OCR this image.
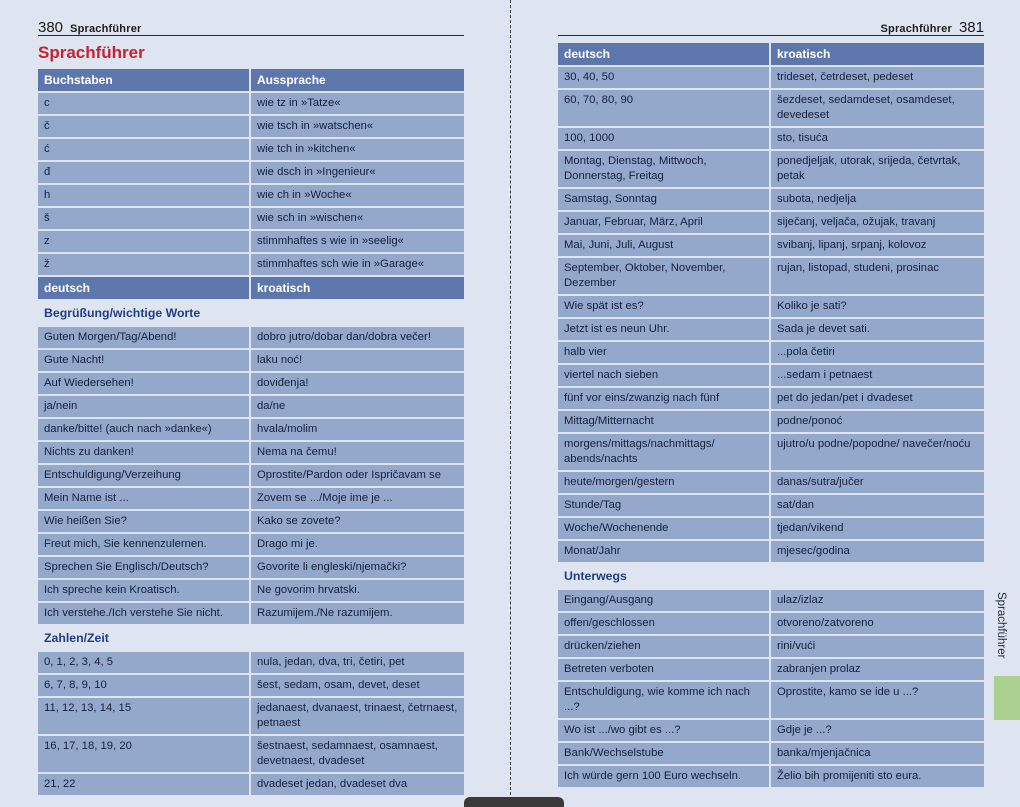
380 Sprachführer
Sprachführer
Buchstaben	Aussprache
c	wie tz in »Tatze«
č	wie tsch in »watschen«
ć	wie tch in »kitchen«
đ	wie dsch in »Ingenieur«
h	wie ch in »Woche«
š	wie sch in »wischen«
z	stimmhaftes s wie in »seelig«
ž	stimmhaftes sch wie in »Garage«
deutsch	kroatisch
Begrüßung/wichtige Worte	
Guten Morgen/Tag/Abend!	dobro jutro/dobar dan/dobra večer!
Gute Nacht!	laku noć!
Auf Wiedersehen!	doviđenja!
ja/nein	da/ne
danke/bitte! (auch nach »danke«)	hvala/molim
Nichts zu danken!	Nema na čemu!
Entschuldigung/Verzeihung	Oprostite/Pardon oder Ispričavam se
Mein Name ist ...	Zovem se .../Moje ime je ...
Wie heißen Sie?	Kako se zovete?
Freut mich, Sie kennenzulernen.	Drago mi je.
Sprechen Sie Englisch/Deutsch?	Govorite li engleski/njemački?
Ich spreche kein Kroatisch.	Ne govorim hrvatski.
Ich verstehe./Ich verstehe Sie nicht.	Razumijem./Ne razumijem.
Zahlen/Zeit	
0, 1, 2, 3, 4, 5	nula, jedan, dva, tri, četiri, pet
6, 7, 8, 9, 10	šest, sedam, osam, devet, deset
11, 12, 13, 14, 15	jedanaest, dvanaest, trinaest, četrnaest, petnaest
16, 17, 18, 19, 20	šestnaest, sedamnaest, osamnaest, devetnaest, dvadeset
21, 22	dvadeset jedan, dvadeset dva
Sprachführer 381
deutsch	kroatisch
30, 40, 50	trideset, četrdeset, pedeset
60, 70, 80, 90	šezdeset, sedamdeset, osamdeset, devedeset
100, 1000	sto, tisuća
Montag, Dienstag, Mittwoch, Donnerstag, Freitag	ponedjeljak, utorak, srijeda, četvrtak, petak
Samstag, Sonntag	subota, nedjelja
Januar, Februar, März, April	siječanj, veljača, ožujak, travanj
Mai, Juni, Juli, August	svibanj, lipanj, srpanj, kolovoz
September, Oktober, November, Dezember	rujan, listopad, studeni, prosinac
Wie spät ist es?	Koliko je sati?
Jetzt ist es neun Uhr.	Sada je devet sati.
halb vier	...pola četiri
viertel nach sieben	...sedam i petnaest
fünf vor eins/zwanzig nach fünf	pet do jedan/pet i dvadeset
Mittag/Mitternacht	podne/ponoć
morgens/mittags/nachmittags/ abends/nachts	ujutro/u podne/popodne/ navečer/noću
heute/morgen/gestern	danas/sutra/jučer
Stunde/Tag	sat/dan
Woche/Wochenende	tjedan/vikend
Monat/Jahr	mjesec/godina
Unterwegs	
Eingang/Ausgang	ulaz/izlaz
offen/geschlossen	otvoreno/zatvoreno
drücken/ziehen	rini/vući
Betreten verboten	zabranjen prolaz
Entschuldigung, wie komme ich nach ...?	Oprostite, kamo se ide u ...?
Wo ist .../wo gibt es ...?	Gdje je ...?
Bank/Wechselstube	banka/mjenjačnica
Ich würde gern 100 Euro wechseln.	Želio bih promijeniti sto eura.
Sprachführer
